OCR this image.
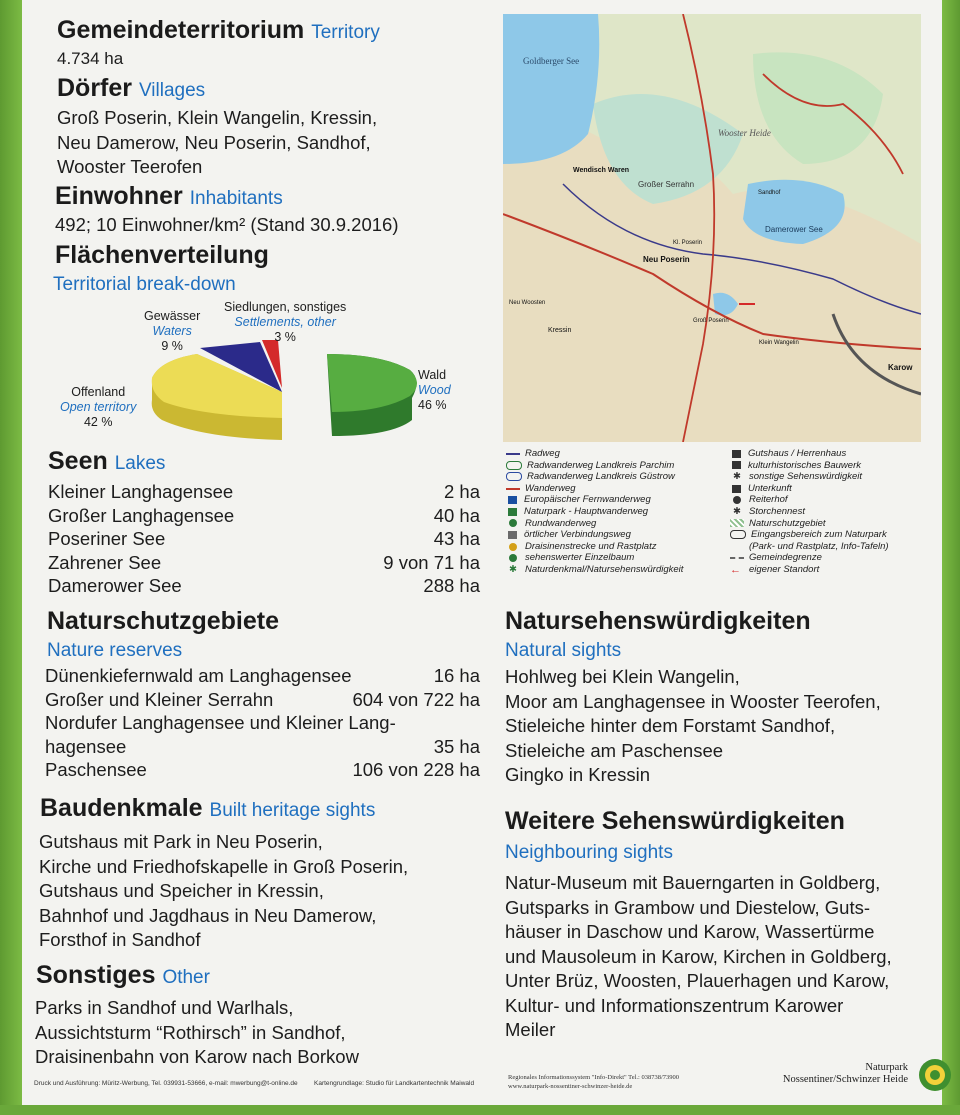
Gemeindeterritorium Territory
4.734 ha
Dörfer Villages
Groß Poserin, Klein Wangelin, Kressin,
Neu Damerow, Neu Poserin, Sandhof,
Wooster Teerofen
Einwohner Inhabitants
492; 10 Einwohner/km² (Stand 30.9.2016)
Flächenverteilung
Territorial break-down
Gewässer
Waters
9 %
Siedlungen, sonstiges
Settlements, other
3 %
Offenland
Open territory
42 %
Wald
Wood
46 %
Seen Lakes
Kleiner Langhagensee	2 ha
Großer Langhagensee	40 ha
Poseriner See	43 ha
Zahrener See	9 von 71 ha
Damerower See	288 ha
Naturschutzgebiete
Nature reserves
Dünenkiefernwald am Langhagensee	16 ha
Großer und Kleiner Serrahn	604 von 722 ha
Nordufer Langhagensee und Kleiner Lang-
hagensee	35 ha
Paschensee	106 von 228 ha
Baudenkmale Built heritage sights
Gutshaus mit Park in Neu Poserin,
Kirche und Friedhofskapelle in Groß Poserin,
Gutshaus und Speicher in Kressin,
Bahnhof und Jagdhaus in Neu Damerow,
Forsthof in Sandhof
Sonstiges Other
Parks in Sandhof und Warlhals,
Aussichtsturm “Rothirsch” in Sandhof,
Draisinenbahn von Karow nach Borkow
Goldberger See
Wooster Heide
Großer Serrahn
Damerower See
Neu Poserin
Kressin
Karow
Wendisch Waren
Sandhof
Kl. Poserin
Neu Woosten
Groß Poserin
Klein Wangelin
Radweg
Radwanderweg Landkreis Parchim
Radwanderweg Landkreis Güstrow
Wanderweg
Europäischer Fernwanderweg
Naturpark - Hauptwanderweg
Rundwanderweg
örtlicher Verbindungsweg
Draisinenstrecke und Rastplatz
sehenswerter Einzelbaum
✱ Naturdenkmal/Natursehenswürdigkeit
Gutshaus / Herrenhaus
kulturhistorisches Bauwerk
✱ sonstige Sehenswürdigkeit
Unterkunft
Reiterhof
✱ Storchennest
Naturschutzgebiet
Eingangsbereich zum Naturpark
(Park- und Rastplatz, Info-Tafeln)
Gemeindegrenze
← eigener Standort
Natursehenswürdigkeiten
Natural sights
Hohlweg bei Klein Wangelin,
Moor am Langhagensee in Wooster Teerofen,
Stieleiche hinter dem Forstamt Sandhof,
Stieleiche am Paschensee
Gingko in Kressin
Weitere Sehenswürdigkeiten
Neighbouring sights
Natur-Museum mit Bauerngarten in Goldberg,
Gutsparks in Grambow und Diestelow, Guts-
häuser in Daschow und Karow, Wassertürme
und Mausoleum in Karow, Kirchen in Goldberg,
Unter Brüz, Woosten, Plauerhagen und Karow,
Kultur- und Informationszentrum Karower
Meiler
Druck und Ausführung: Müritz-Werbung, Tel. 039931-53666, e-mail: mwerbung@t-online.de	Kartengrundlage: Studio für Landkartentechnik Maiwald
Regionales Informationssystem "Info-Direkt" Tel.: 038738/73900
www.naturpark-nossentiner-schwinzer-heide.de
Naturpark
Nossentiner/Schwinzer Heide
